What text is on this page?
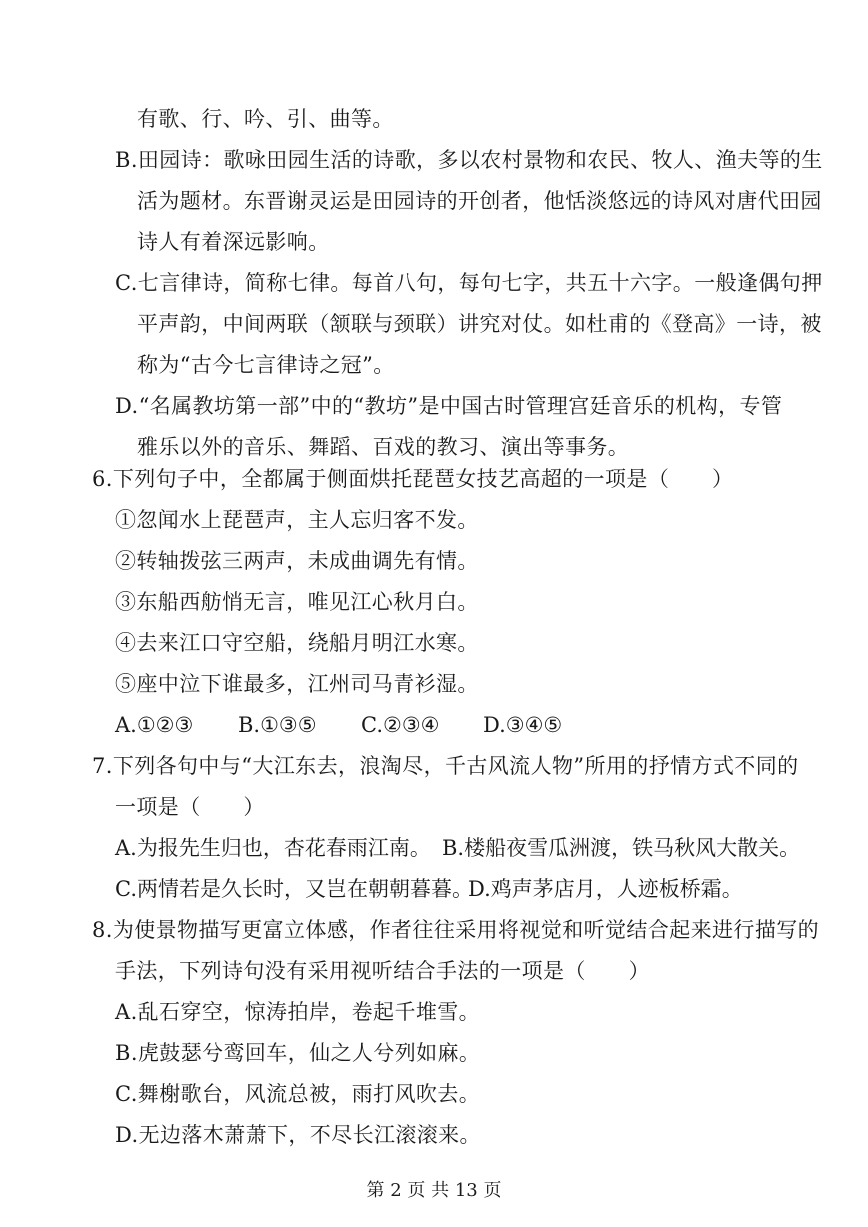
有歌、行、吟、引、曲等。
B.田园诗：歌咏田园生活的诗歌，多以农村景物和农民、牧人、渔夫等的生
活为题材。东晋谢灵运是田园诗的开创者，他恬淡悠远的诗风对唐代田园
诗人有着深远影响。
C.七言律诗，简称七律。每首八句，每句七字，共五十六字。一般逢偶句押
平声韵，中间两联（颔联与颈联）讲究对仗。如杜甫的《登高》一诗，被
称为“古今七言律诗之冠”。
D.“名属教坊第一部”中的“教坊”是中国古时管理宫廷音乐的机构，专管
雅乐以外的音乐、舞蹈、百戏的教习、演出等事务。
6.下列句子中，全都属于侧面烘托琵琶女技艺高超的一项是（　　）
①忽闻水上琵琶声，主人忘归客不发。
②转轴拨弦三两声，未成曲调先有情。
③东船西舫悄无言，唯见江心秋月白。
④去来江口守空船，绕船月明江水寒。
⑤座中泣下谁最多，江州司马青衫湿。
A.①②③ B.①③⑤ C.②③④ D.③④⑤
7.下列各句中与“大江东去，浪淘尽，千古风流人物”所用的抒情方式不同的
一项是（　　）
A.为报先生归也，杏花春雨江南。 B.楼船夜雪瓜洲渡，铁马秋风大散关。
C.两情若是久长时，又岂在朝朝暮暮。
D.鸡声茅店月，人迹板桥霜。
8.为使景物描写更富立体感，作者往往采用将视觉和听觉结合起来进行描写的
手法，下列诗句没有采用视听结合手法的一项是（　　）
A.乱石穿空，惊涛拍岸，卷起千堆雪。
B.虎鼓瑟兮鸾回车，仙之人兮列如麻。
C.舞榭歌台，风流总被，雨打风吹去。
第 2 页 共 13 页
D.无边落木萧萧下，不尽长江滚滚来。
